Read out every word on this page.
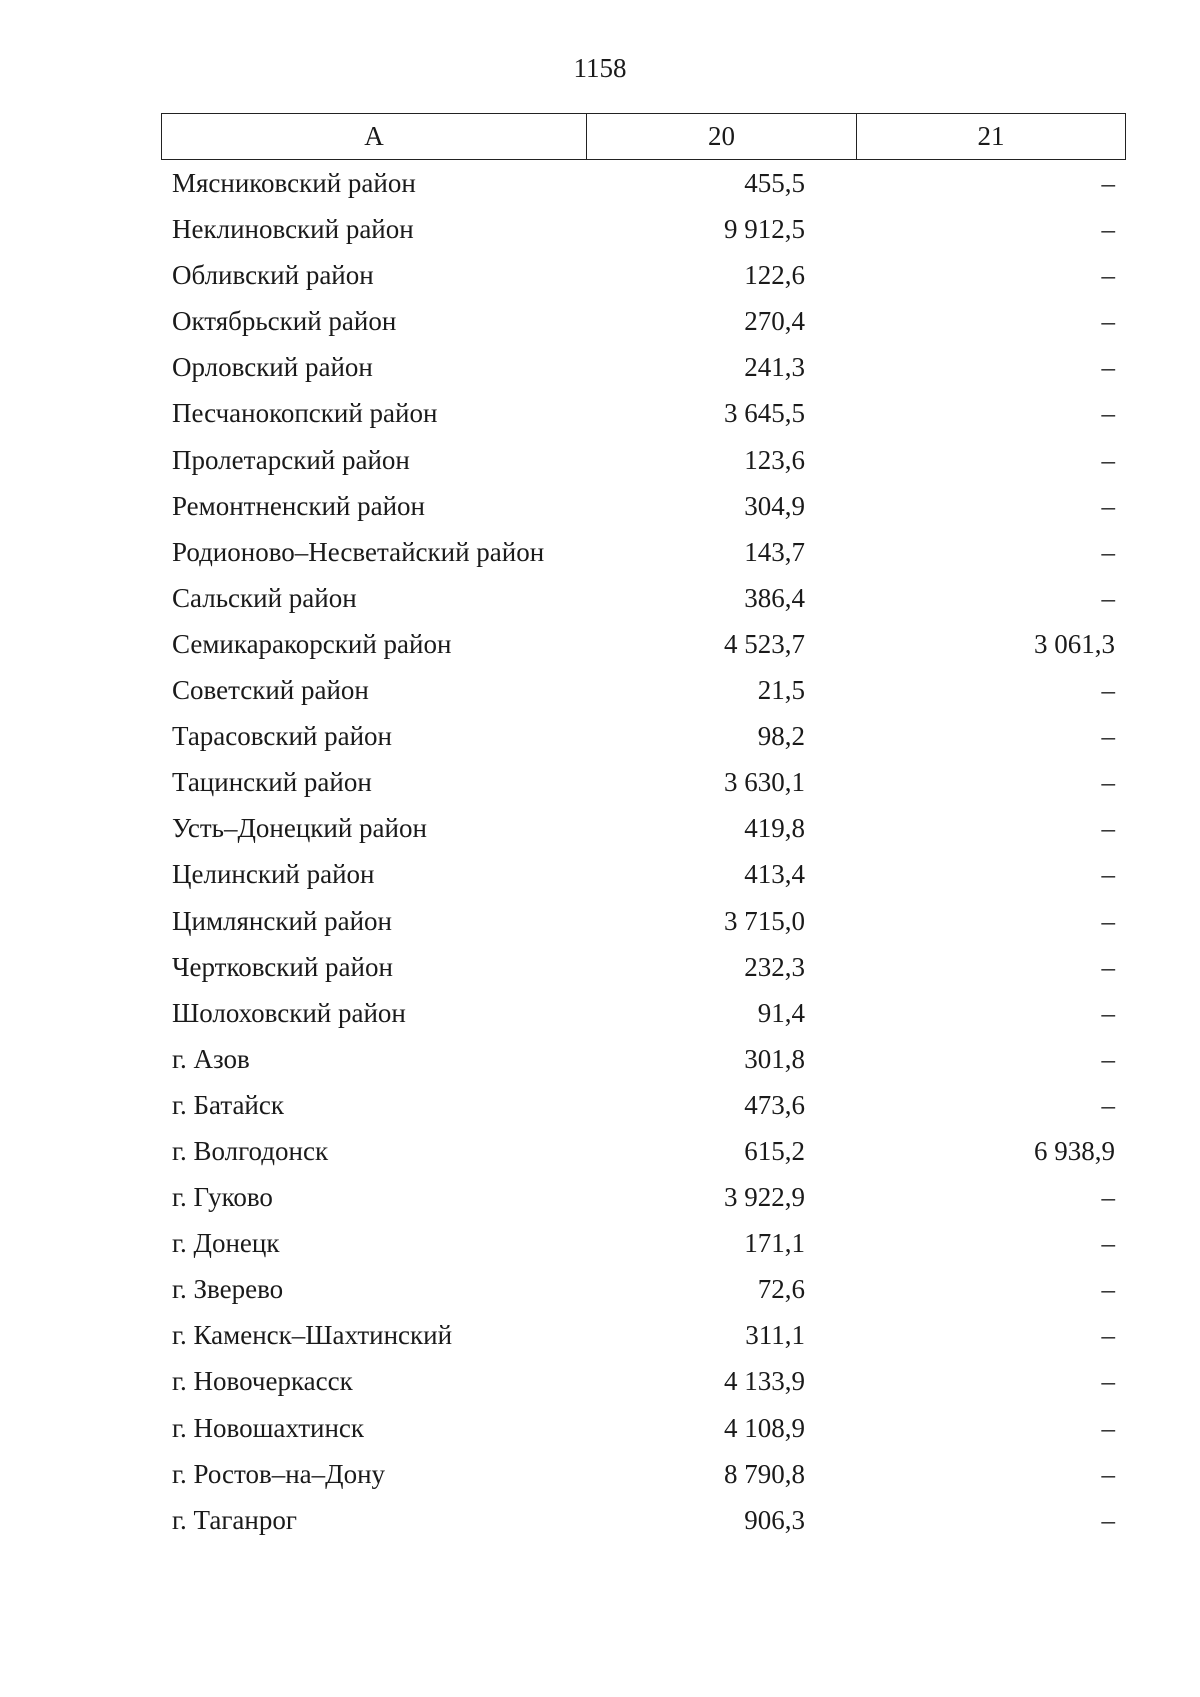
1158
А	20	21
Мясниковский район	455,5	–
Неклиновский район	9 912,5	–
Обливский район	122,6	–
Октябрьский район	270,4	–
Орловский район	241,3	–
Песчанокопский район	3 645,5	–
Пролетарский район	123,6	–
Ремонтненский район	304,9	–
Родионово–Несветайский район	143,7	–
Сальский район	386,4	–
Семикаракорский район	4 523,7	3 061,3
Советский район	21,5	–
Тарасовский район	98,2	–
Тацинский район	3 630,1	–
Усть–Донецкий район	419,8	–
Целинский район	413,4	–
Цимлянский район	3 715,0	–
Чертковский район	232,3	–
Шолоховский район	91,4	–
г. Азов	301,8	–
г. Батайск	473,6	–
г. Волгодонск	615,2	6 938,9
г. Гуково	3 922,9	–
г. Донецк	171,1	–
г. Зверево	72,6	–
г. Каменск–Шахтинский	311,1	–
г. Новочеркасск	4 133,9	–
г. Новошахтинск	4 108,9	–
г. Ростов–на–Дону	8 790,8	–
г. Таганрог	906,3	–
